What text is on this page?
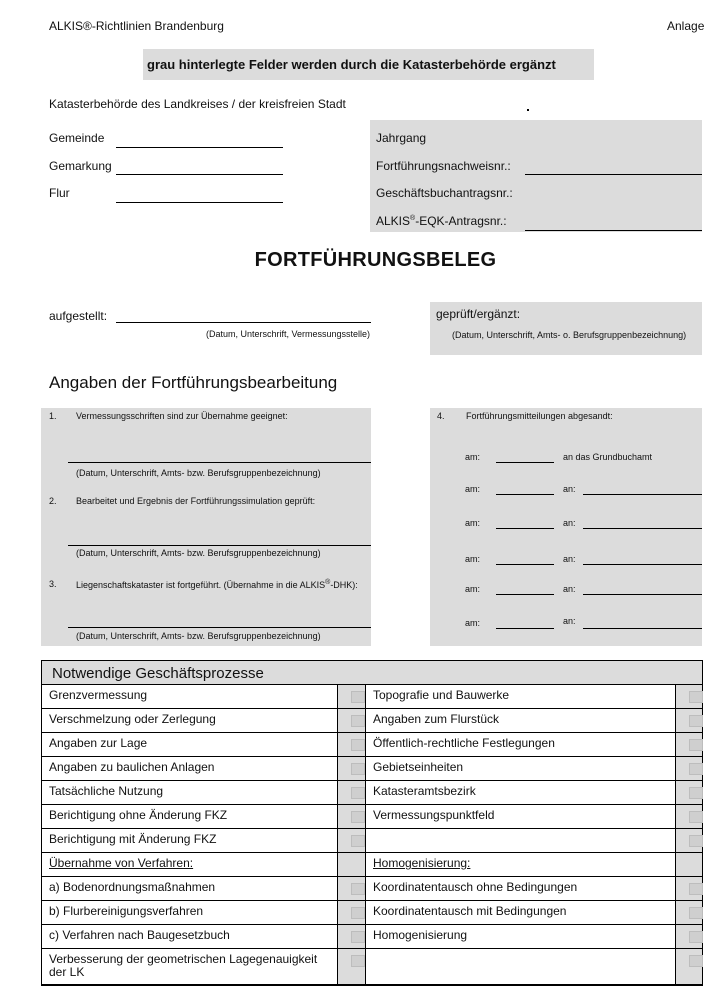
ALKIS®-Richtlinien Brandenburg	Anlage
grau hinterlegte Felder werden durch die Katasterbehörde ergänzt
Katasterbehörde des Landkreises / der kreisfreien Stadt
Gemeinde
Gemarkung
Flur
Jahrgang
Fortführungsnachweisnr.:
Geschäftsbuchantragsnr.:
ALKIS®-EQK-Antragsnr.:
FORTFÜHRUNGSBELEG
aufgestellt:
(Datum, Unterschrift, Vermessungsstelle)
geprüft/ergänzt:
(Datum, Unterschrift, Amts- o. Berufsgruppenbezeichnung)
Angaben der Fortführungsbearbeitung
1. Vermessungsschriften sind zur Übernahme geeignet:
(Datum, Unterschrift, Amts- bzw. Berufsgruppenbezeichnung)
2. Bearbeitet und Ergebnis der Fortführungssimulation geprüft:
(Datum, Unterschrift, Amts- bzw. Berufsgruppenbezeichnung)
3. Liegenschaftskataster ist fortgeführt. (Übernahme in die ALKIS®-DHK):
(Datum, Unterschrift, Amts- bzw. Berufsgruppenbezeichnung)
4. Fortführungsmitteilungen abgesandt:
am:	an das Grundbuchamt
am:	an:
am:	an:
am:	an:
am:	an:
am:	an:
Notwendige Geschäftsprozesse
Grenzvermessung	Topografie und Bauwerke
Verschmelzung oder Zerlegung	Angaben zum Flurstück
Angaben zur Lage	Öffentlich-rechtliche Festlegungen
Angaben zu baulichen Anlagen	Gebietseinheiten
Tatsächliche Nutzung	Katasteramtsbezirk
Berichtigung ohne Änderung FKZ	Vermessungspunktfeld
Berichtigung mit Änderung FKZ
Übernahme von Verfahren:	Homogenisierung:
a) Bodenordnungsmaßnahmen	Koordinatentausch ohne Bedingungen
b) Flurbereinigungsverfahren	Koordinatentausch mit Bedingungen
c) Verfahren nach Baugesetzbuch	Homogenisierung
Verbesserung der geometrischen Lagegenauigkeit der LK
